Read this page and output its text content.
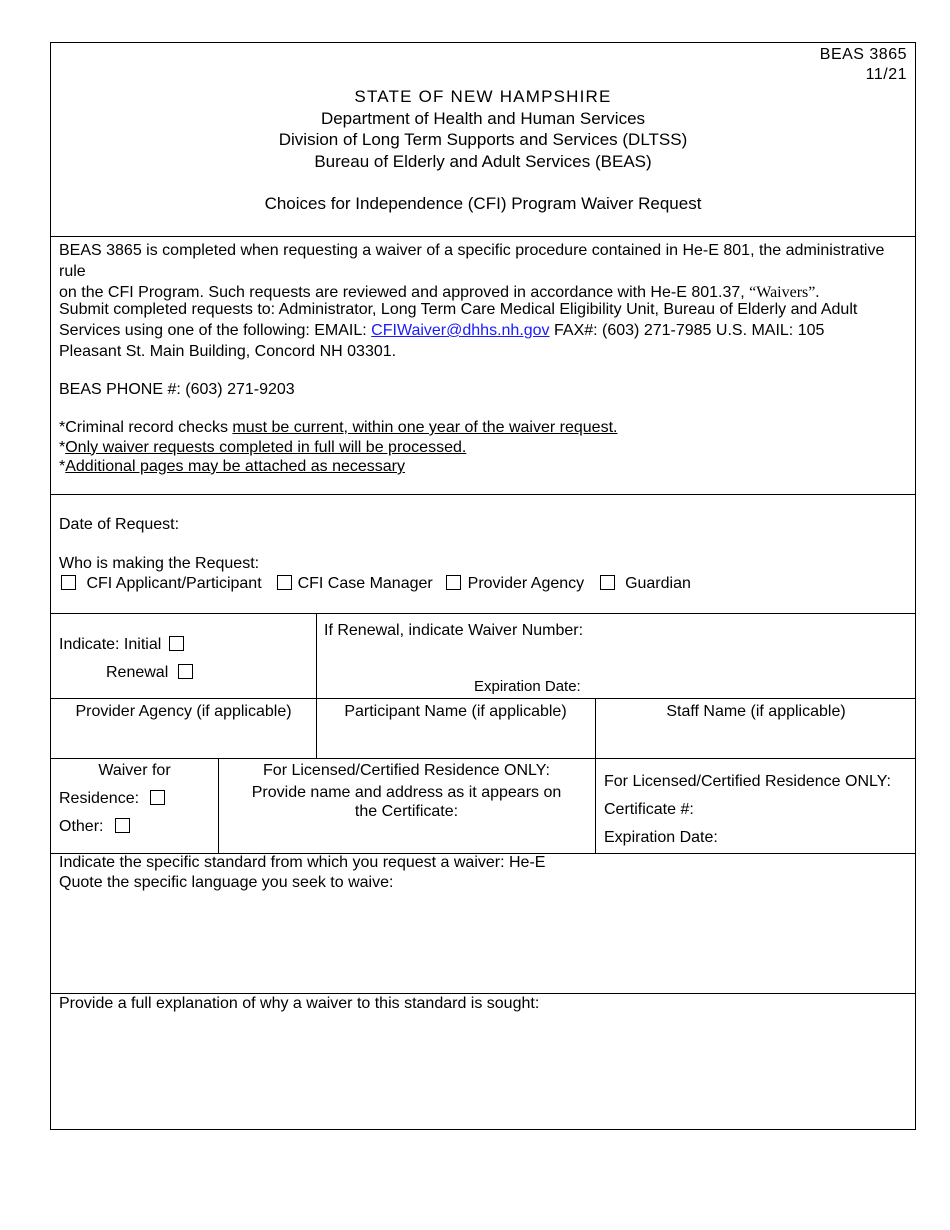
BEAS 3865
11/21
STATE OF NEW HAMPSHIRE
Department of Health and Human Services
Division of Long Term Supports and Services (DLTSS)
Bureau of Elderly and Adult Services (BEAS)
Choices for Independence (CFI) Program Waiver Request
BEAS 3865 is completed when requesting a waiver of a specific procedure contained in He-E 801, the administrative rule
on the CFI Program. Such requests are reviewed and approved in accordance with He-E 801.37, “Waivers”.
Submit completed requests to: Administrator, Long Term Care Medical Eligibility Unit, Bureau of Elderly and Adult
Services using one of the following: EMAIL: CFIWaiver@dhhs.nh.gov FAX#: (603) 271-7985 U.S. MAIL: 105
Pleasant St. Main Building, Concord NH 03301.
BEAS PHONE #: (603) 271-9203
*Criminal record checks must be current, within one year of the waiver request.
*Only waiver requests completed in full will be processed.
*Additional pages may be attached as necessary
Date of Request:
Who is making the Request:
CFI Applicant/Participant CFI Case Manager Provider Agency	Guardian
Indicate: Initial
Renewal
If Renewal, indicate Waiver Number:
Expiration Date:
Provider Agency (if applicable)	Participant Name (if applicable)	Staff Name (if applicable)
Waiver for
Residence:
Other:
For Licensed/Certified Residence ONLY:
Provide name and address as it appears on the Certificate:
For Licensed/Certified Residence ONLY:
Certificate #:
Expiration Date:
Indicate the specific standard from which you request a waiver: He-E
Quote the specific language you seek to waive:
Provide a full explanation of why a waiver to this standard is sought:
